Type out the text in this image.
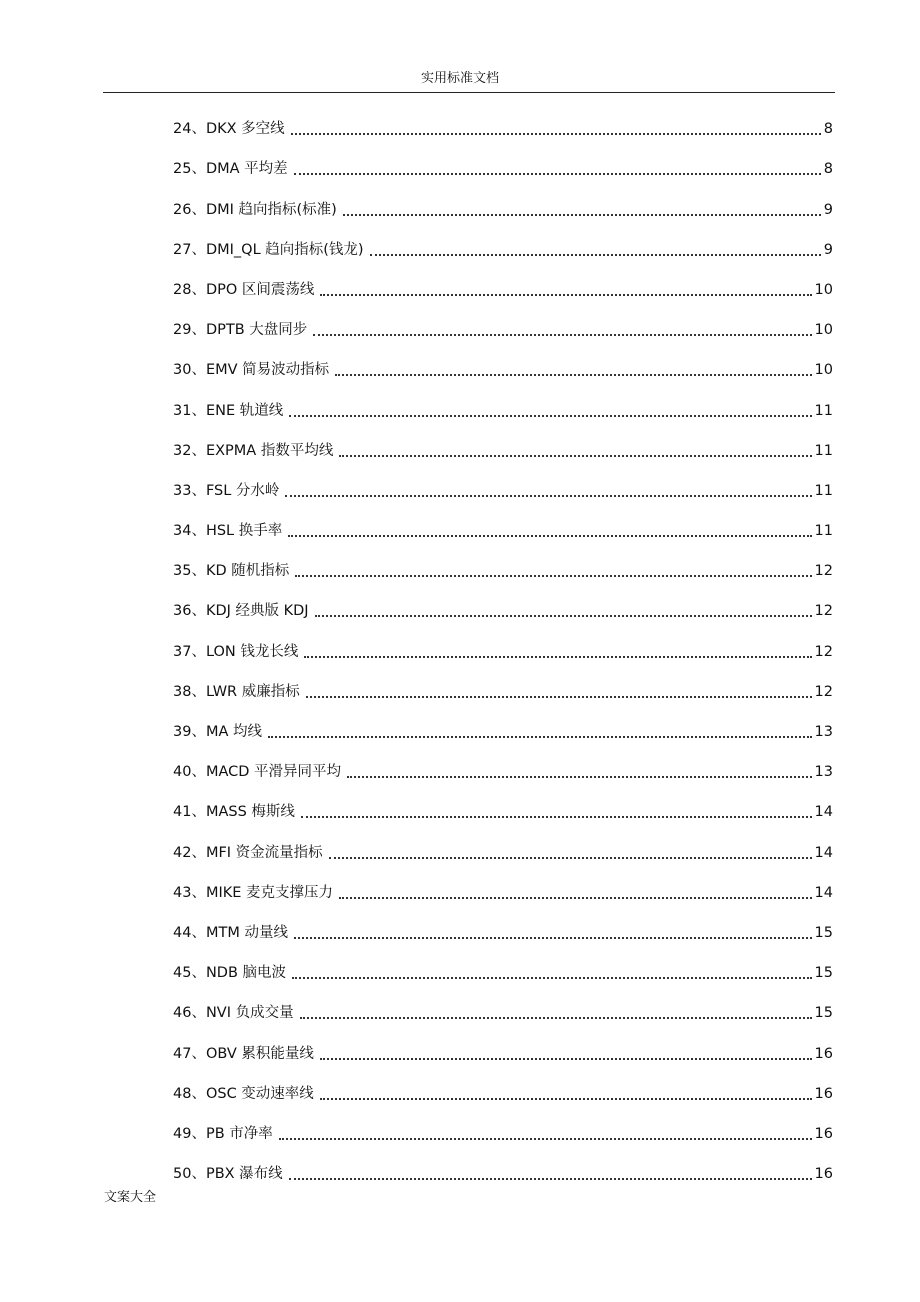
实用标准文档
24、DKX 多空线	8
25、DMA 平均差	8
26、DMI 趋向指标(标准)	9
27、DMI_QL 趋向指标(钱龙)	9
28、DPO 区间震荡线	10
29、DPTB 大盘同步	10
30、EMV 简易波动指标	10
31、ENE 轨道线	11
32、EXPMA 指数平均线	11
33、FSL 分水岭	11
34、HSL 换手率	11
35、KD 随机指标	12
36、KDJ 经典版 KDJ	12
37、LON 钱龙长线	12
38、LWR 威廉指标	12
39、MA 均线	13
40、MACD 平滑异同平均	13
41、MASS 梅斯线	14
42、MFI 资金流量指标	14
43、MIKE 麦克支撑压力	14
44、MTM 动量线	15
45、NDB 脑电波	15
46、NVI 负成交量	15
47、OBV 累积能量线	16
48、OSC 变动速率线	16
49、PB 市净率	16
50、PBX 瀑布线	16
文案大全
